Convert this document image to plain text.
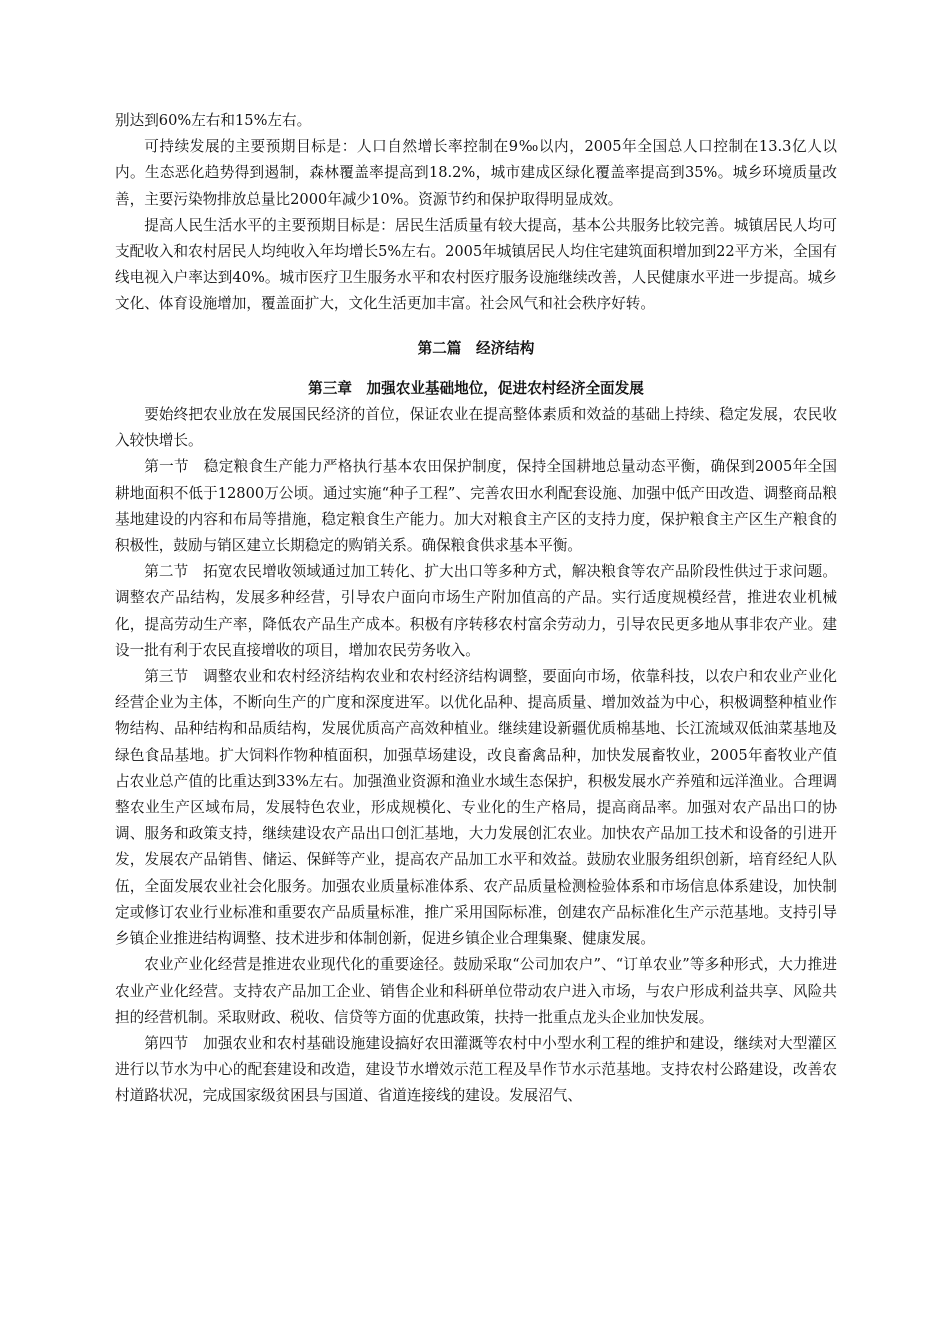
别达到60%左右和15%左右。

可持续发展的主要预期目标是：人口自然增长率控制在9‰以内，2005年全国总人口控制在13.3亿人以内。生态恶化趋势得到遏制，森林覆盖率提高到18.2%，城市建成区绿化覆盖率提高到35%。城乡环境质量改善，主要污染物排放总量比2000年减少10%。资源节约和保护取得明显成效。

提高人民生活水平的主要预期目标是：居民生活质量有较大提高，基本公共服务比较完善。城镇居民人均可支配收入和农村居民人均纯收入年均增长5%左右。2005年城镇居民人均住宅建筑面积增加到22平方米，全国有线电视入户率达到40%。城市医疗卫生服务水平和农村医疗服务设施继续改善，人民健康水平进一步提高。城乡文化、体育设施增加，覆盖面扩大，文化生活更加丰富。社会风气和社会秩序好转。

第二篇　经济结构
第三章　加强农业基础地位，促进农村经济全面发展

要始终把农业放在发展国民经济的首位，保证农业在提高整体素质和效益的基础上持续、稳定发展，农民收入较快增长。

第一节　稳定粮食生产能力严格执行基本农田保护制度，保持全国耕地总量动态平衡，确保到2005年全国耕地面积不低于12800万公顷。通过实施“种子工程”、完善农田水利配套设施、加强中低产田改造、调整商品粮基地建设的内容和布局等措施，稳定粮食生产能力。加大对粮食主产区的支持力度，保护粮食主产区生产粮食的积极性，鼓励与销区建立长期稳定的购销关系。确保粮食供求基本平衡。

第二节　拓宽农民增收领域通过加工转化、扩大出口等多种方式，解决粮食等农产品阶段性供过于求问题。调整农产品结构，发展多种经营，引导农户面向市场生产附加值高的产品。实行适度规模经营，推进农业机械化，提高劳动生产率，降低农产品生产成本。积极有序转移农村富余劳动力，引导农民更多地从事非农产业。建设一批有利于农民直接增收的项目，增加农民劳务收入。

第三节　调整农业和农村经济结构农业和农村经济结构调整，要面向市场，依靠科技，以农户和农业产业化经营企业为主体，不断向生产的广度和深度进军。以优化品种、提高质量、增加效益为中心，积极调整种植业作物结构、品种结构和品质结构，发展优质高产高效种植业。继续建设新疆优质棉基地、长江流域双低油菜基地及绿色食品基地。扩大饲料作物种植面积，加强草场建设，改良畜禽品种，加快发展畜牧业，2005年畜牧业产值占农业总产值的比重达到33%左右。加强渔业资源和渔业水域生态保护，积极发展水产养殖和远洋渔业。合理调整农业生产区域布局，发展特色农业，形成规模化、专业化的生产格局，提高商品率。加强对农产品出口的协调、服务和政策支持，继续建设农产品出口创汇基地，大力发展创汇农业。加快农产品加工技术和设备的引进开发，发展农产品销售、储运、保鲜等产业，提高农产品加工水平和效益。鼓励农业服务组织创新，培育经纪人队伍，全面发展农业社会化服务。加强农业质量标准体系、农产品质量检测检验体系和市场信息体系建设，加快制定或修订农业行业标准和重要农产品质量标准，推广采用国际标准，创建农产品标准化生产示范基地。支持引导乡镇企业推进结构调整、技术进步和体制创新，促进乡镇企业合理集聚、健康发展。

农业产业化经营是推进农业现代化的重要途径。鼓励采取“公司加农户”、“订单农业”等多种形式，大力推进农业产业化经营。支持农产品加工企业、销售企业和科研单位带动农户进入市场，与农户形成利益共享、风险共担的经营机制。采取财政、税收、信贷等方面的优惠政策，扶持一批重点龙头企业加快发展。

第四节　加强农业和农村基础设施建设搞好农田灌溉等农村中小型水利工程的维护和建设，继续对大型灌区进行以节水为中心的配套建设和改造，建设节水增效示范工程及旱作节水示范基地。支持农村公路建设，改善农村道路状况，完成国家级贫困县与国道、省道连接线的建设。发展沼气、
